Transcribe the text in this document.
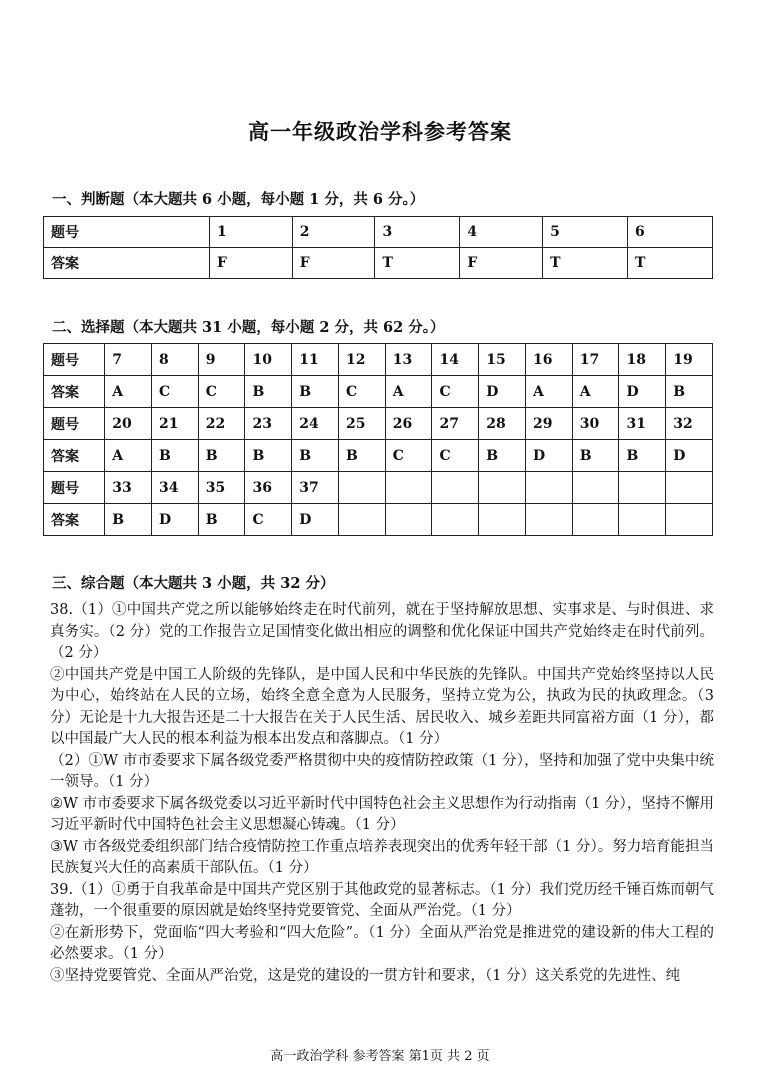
高一年级政治学科参考答案
一、判断题（本大题共 6 小题，每小题 1 分，共 6 分。）
题号	1	2	3	4	5	6
答案	F	F	T	F	T	T
二、选择题（本大题共 31 小题，每小题 2 分，共 62 分。）
题号	7	8	9	10	11	12	13	14	15	16	17	18	19
答案	A	C	C	B	B	C	A	C	D	A	A	D	B
题号	20	21	22	23	24	25	26	27	28	29	30	31	32
答案	A	B	B	B	B	B	C	C	B	D	B	B	D
题号	33	34	35	36	37								
答案	B	D	B	C	D								
三、综合题（本大题共 3 小题，共 32 分）

38.（1）①中国共产党之所以能够始终走在时代前列，就在于坚持解放思想、实事求是、与时俱进、求真务实。（2 分）党的工作报告立足国情变化做出相应的调整和优化保证中国共产党始终走在时代前列。（2 分）

②中国共产党是中国工人阶级的先锋队，是中国人民和中华民族的先锋队。中国共产党始终坚持以人民为中心，始终站在人民的立场，始终全意全意为人民服务，坚持立党为公，执政为民的执政理念。（3 分）无论是十九大报告还是二十大报告在关于人民生活、居民收入、城乡差距共同富裕方面（1 分），都以中国最广大人民的根本利益为根本出发点和落脚点。（1 分）

（2）①W 市市委要求下属各级党委严格贯彻中央的疫情防控政策（1 分），坚持和加强了党中央集中统一领导。（1 分）

②W 市市委要求下属各级党委以习近平新时代中国特色社会主义思想作为行动指南（1 分），坚持不懈用习近平新时代中国特色社会主义思想凝心铸魂。（1 分）

③W 市各级党委组织部门结合疫情防控工作重点培养表现突出的优秀年轻干部（1 分）。努力培育能担当民族复兴大任的高素质干部队伍。（1 分）

39.（1）①勇于自我革命是中国共产党区别于其他政党的显著标志。（1 分）我们党历经千锤百炼而朝气蓬勃，一个很重要的原因就是始终坚持党要管党、全面从严治党。（1 分）

②在新形势下，党面临“四大考验和“四大危险”。（1 分）全面从严治党是推进党的建设新的伟大工程的必然要求。（1 分）

③坚持党要管党、全面从严治党，这是党的建设的一贯方针和要求，（1 分）这关系党的先进性、纯

高一政治学科 参考答案 第1页 共 2 页
